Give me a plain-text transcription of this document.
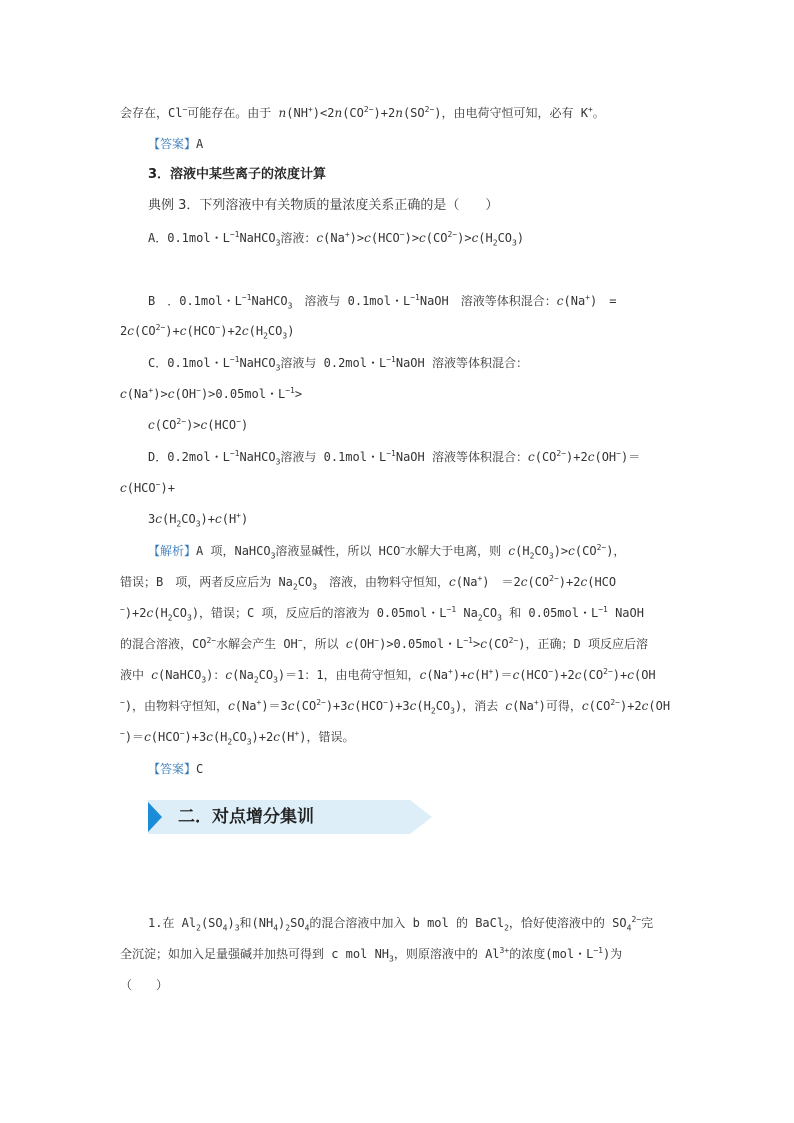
会存在，Cl−可能存在。由于 $n(NH^+)<2n(CO^{2-})+2n(SO^{2-})$，由电荷守恒可知，必有 K+。
【答案】A
3．溶液中某些离子的浓度计算
典例 3．下列溶液中有关物质的量浓度关系正确的是（　　）
A．0.1mol・$L^{-1}NaHCO_3$溶液：$c(Na^+)>c(HCO^-)>c(CO^{2-})>c(H_2CO_3)$
B　．0.1mol・$L^{-1}NaHCO_3$　溶液与 0.1mol・$L^{-1}NaOH$　溶液等体积混合：c(Na+)　=
$2c(CO^{2-})+c(HCO^-)+2c(H_2CO_3)$
C．0.1mol・$L^{-1}NaHCO_3$溶液与 0.2mol・$L^{-1}NaOH$ 溶液等体积混合：
c(Na+)>c(OH−)>0.05mol・$L^{-1}>$
$c(CO^{2-})>c(HCO^-)$
D．0.2mol・$L^{-1}NaHCO_3$溶液与 0.1mol・$L^{-1}NaOH$ 溶液等体积混合：$c(CO^{2-})+2c(OH^-)=$
c(HCO−)+
$3c(H_2CO_3)+c(H^+)$
【解析】A 项，NaHCO$_3$溶液显碱性，所以 HCO−水解大于电离，则 $c(H_2CO_3)>c(CO^{2-})$，
错误；B　项，两者反应后为 $Na_2CO_3$　溶液，由物料守恒知，c(Na+)　$=2c(CO^{2-})+2c(HCO$
$^-)+2c(H_2CO_3)$，错误；C 项，反应后的溶液为 0.05mol・$L^{-1}$ $Na_2CO_3$ 和 0.05mol・$L^{-1}$ NaOH
的混合溶液，$CO^{2-}$水解会产生 OH−，所以 c(OH−)>0.05mol・$L^{-1}>c(CO^{2-})$，正确；D 项反应后溶
液中 c(NaHCO$_3$)：$c(Na_2CO_3)=1$：1，由电荷守恒知，$c(Na^+)+c(H^+)=c(HCO^-)+2c(CO^{2-})+c(OH$
−)，由物料守恒知，$c(Na^+)=3c(CO^{2-})+3c(HCO^-)+3c(H_2CO_3)$，消去 c(Na+)可得，$c(CO^{2-})+2c(OH$
$^-)=c(HCO^-)+3c(H_2CO_3)+2c(H^+)$，错误。
【答案】C
二．对点增分集训
1.在 $Al_2(SO_4)_3$和$(NH_4)_2SO_4$的混合溶液中加入 b mol 的 BaCl$_2$，恰好使溶液中的 $SO_4^{2-}$完
全沉淀；如加入足量强碱并加热可得到 c mol $NH_3$，则原溶液中的 $Al^{3+}$的浓度(mol・$L^{-1}$)为
（　　）
